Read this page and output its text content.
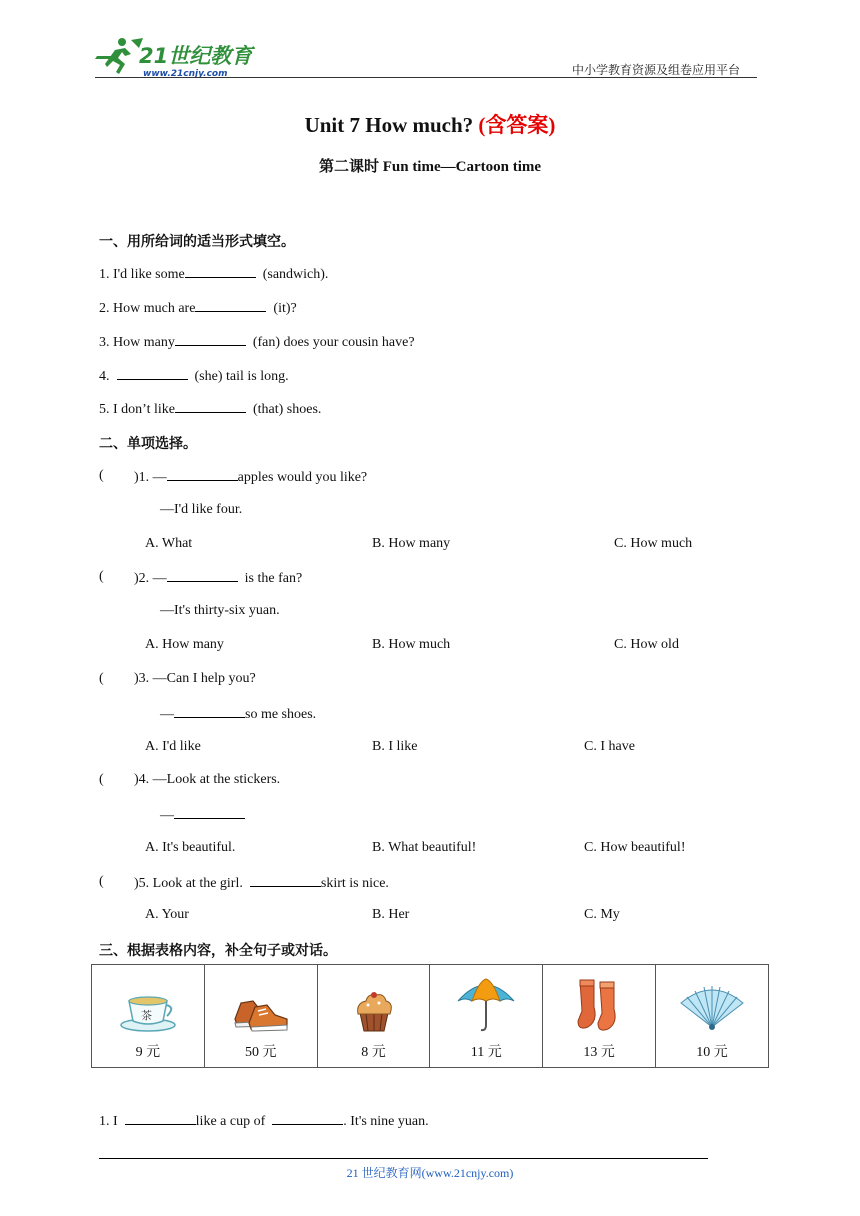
21世纪教育
www.21cnjy.com	中小学教育资源及组卷应用平台
Unit 7 How much? (含答案)
第二课时 Fun time—Cartoon time
一、用所给词的适当形式填空。
1. I'd like some	(sandwich).
2. How much are	(it)?
3. How many	(fan) does your cousin have?
4.	(she) tail is long.
5. I don’t like	(that) shoes.
二、单项选择。
( )1. —	apples would you like?
—I'd like four.
A. What	B. How many	C. How much
( )2. —	is the fan?
—It's thirty-six yuan.
A. How many	B. How much	C. How old
( )3. —Can I help you?
—	so me shoes.
A. I'd like	B. I like	C. I have
( )4. —Look at the stickers.
—
A. It's beautiful.	B. What beautiful!	C. How beautiful!
( )5. Look at the girl.	skirt is nice.
A. Your	B. Her	C. My
三、根据表格内容，补全句子或对话。
茶
9 元	50 元	8 元	11 元	13 元	10 元
1. I	like a cup of	. It's nine yuan.
21 世纪教育网(www.21cnjy.com)
